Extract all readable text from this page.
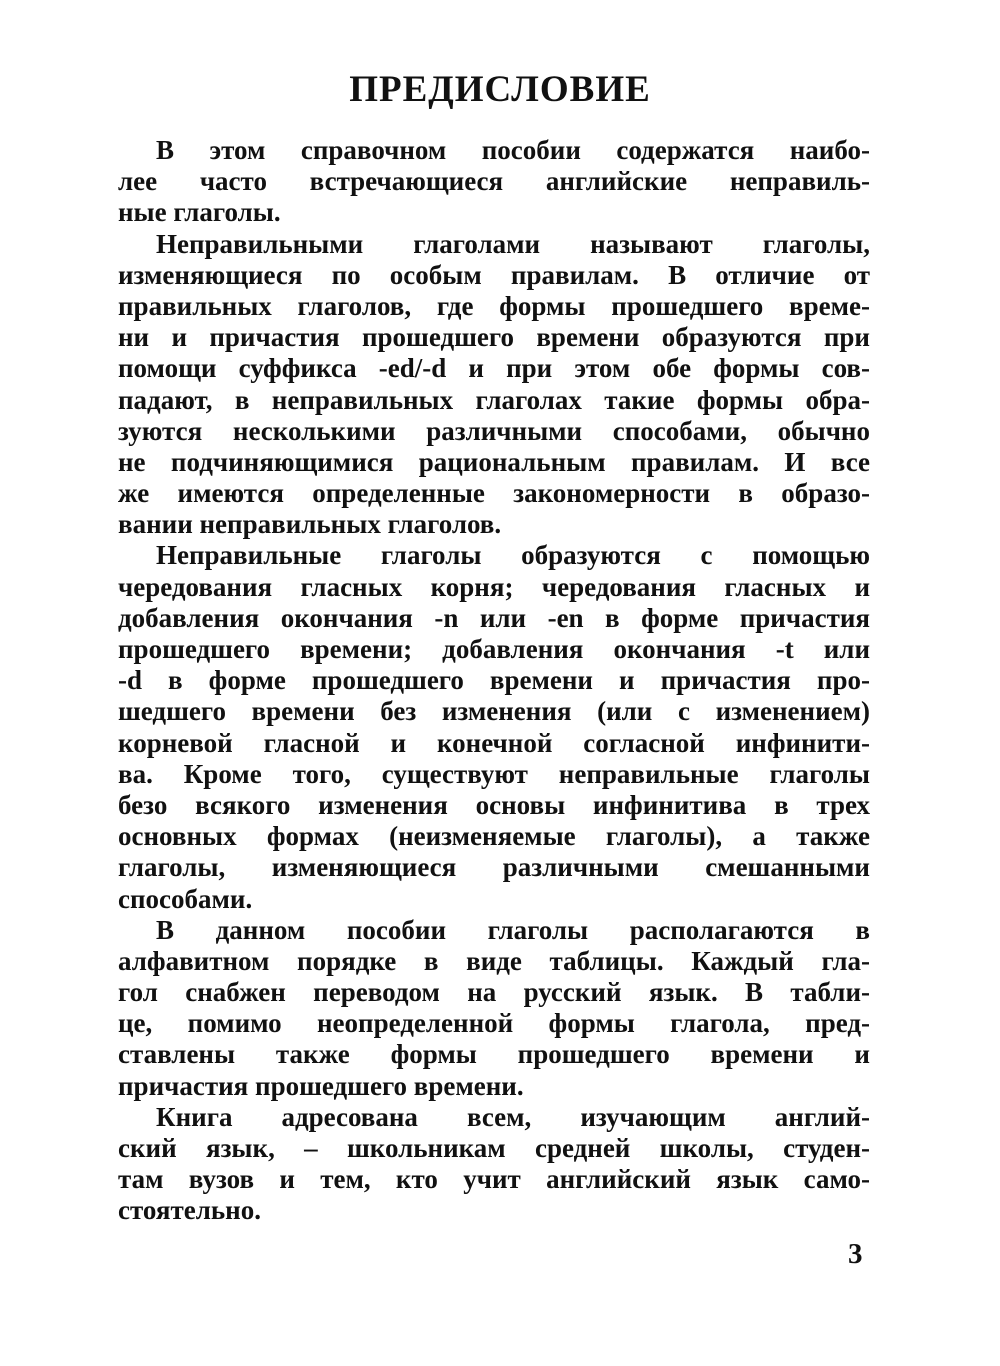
ПРЕДИСЛОВИЕ
В этом справочном пособии содержатся наибо-
лее часто встречающиеся английские неправиль-
ные глаголы.
Неправильными глаголами называют глаголы,
изменяющиеся по особым правилам. В отличие от
правильных глаголов, где формы прошедшего време-
ни и причастия прошедшего времени образуются при
помощи суффикса -ed/-d и при этом обе формы сов-
падают, в неправильных глаголах такие формы обра-
зуются несколькими различными способами, обычно
не подчиняющимися рациональным правилам. И все
же имеются определенные закономерности в образо-
вании неправильных глаголов.
Неправильные глаголы образуются с помощью
чередования гласных корня; чередования гласных и
добавления окончания -n или -en в форме причастия
прошедшего времени; добавления окончания -t или
-d в форме прошедшего времени и причастия про-
шедшего времени без изменения (или с изменением)
корневой гласной и конечной согласной инфинити-
ва. Кроме того, существуют неправильные глаголы
безо всякого изменения основы инфинитива в трех
основных формах (неизменяемые глаголы), а также
глаголы, изменяющиеся различными смешанными
способами.
В данном пособии глаголы располагаются в
алфавитном порядке в виде таблицы. Каждый гла-
гол снабжен переводом на русский язык. В табли-
це, помимо неопределенной формы глагола, пред-
ставлены также формы прошедшего времени и
причастия прошедшего времени.
Книга адресована всем, изучающим англий-
ский язык, – школьникам средней школы, студен-
там вузов и тем, кто учит английский язык само-
стоятельно.
3
